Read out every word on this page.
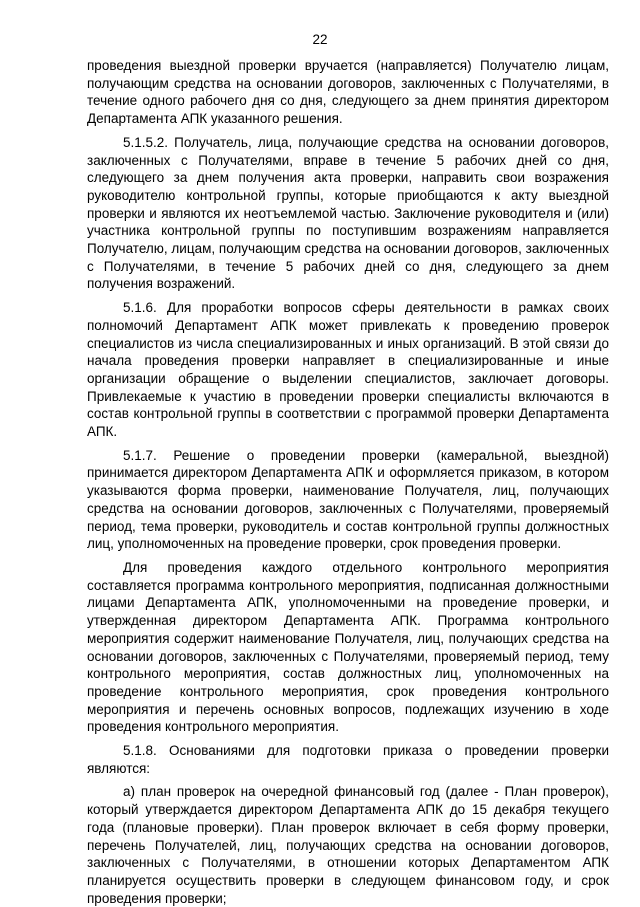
22

проведения выездной проверки вручается (направляется) Получателю лицам, получающим средства на основании договоров, заключенных с Получателями, в течение одного рабочего дня со дня, следующего за днем принятия директором Департамента АПК указанного решения.

5.1.5.2. Получатель, лица, получающие средства на основании договоров, заключенных с Получателями, вправе в течение 5 рабочих дней со дня, следующего за днем получения акта проверки, направить свои возражения руководителю контрольной группы, которые приобщаются к акту выездной проверки и являются их неотъемлемой частью. Заключение руководителя и (или) участника контрольной группы по поступившим возражениям направляется Получателю, лицам, получающим средства на основании договоров, заключенных с Получателями, в течение 5 рабочих дней со дня, следующего за днем получения возражений.

5.1.6. Для проработки вопросов сферы деятельности в рамках своих полномочий Департамент АПК может привлекать к проведению проверок специалистов из числа специализированных и иных организаций. В этой связи до начала проведения проверки направляет в специализированные и иные организации обращение о выделении специалистов, заключает договоры. Привлекаемые к участию в проведении проверки специалисты включаются в состав контрольной группы в соответствии с программой проверки Департамента АПК.

5.1.7. Решение о проведении проверки (камеральной, выездной) принимается директором Департамента АПК и оформляется приказом, в котором указываются форма проверки, наименование Получателя, лиц, получающих средства на основании договоров, заключенных с Получателями, проверяемый период, тема проверки, руководитель и состав контрольной группы должностных лиц, уполномоченных на проведение проверки, срок проведения проверки.

Для проведения каждого отдельного контрольного мероприятия составляется программа контрольного мероприятия, подписанная должностными лицами Департамента АПК, уполномоченными на проведение проверки, и утвержденная директором Департамента АПК. Программа контрольного мероприятия содержит наименование Получателя, лиц, получающих средства на основании договоров, заключенных с Получателями, проверяемый период, тему контрольного мероприятия, состав должностных лиц, уполномоченных на проведение контрольного мероприятия, срок проведения контрольного мероприятия и перечень основных вопросов, подлежащих изучению в ходе проведения контрольного мероприятия.

5.1.8. Основаниями для подготовки приказа о проведении проверки являются:

а) план проверок на очередной финансовый год (далее - План проверок), который утверждается директором Департамента АПК до 15 декабря текущего года (плановые проверки). План проверок включает в себя форму проверки, перечень Получателей, лиц, получающих средства на основании договоров, заключенных с Получателями, в отношении которых Департаментом АПК планируется осуществить проверки в следующем финансовом году, и срок проведения проверки;
